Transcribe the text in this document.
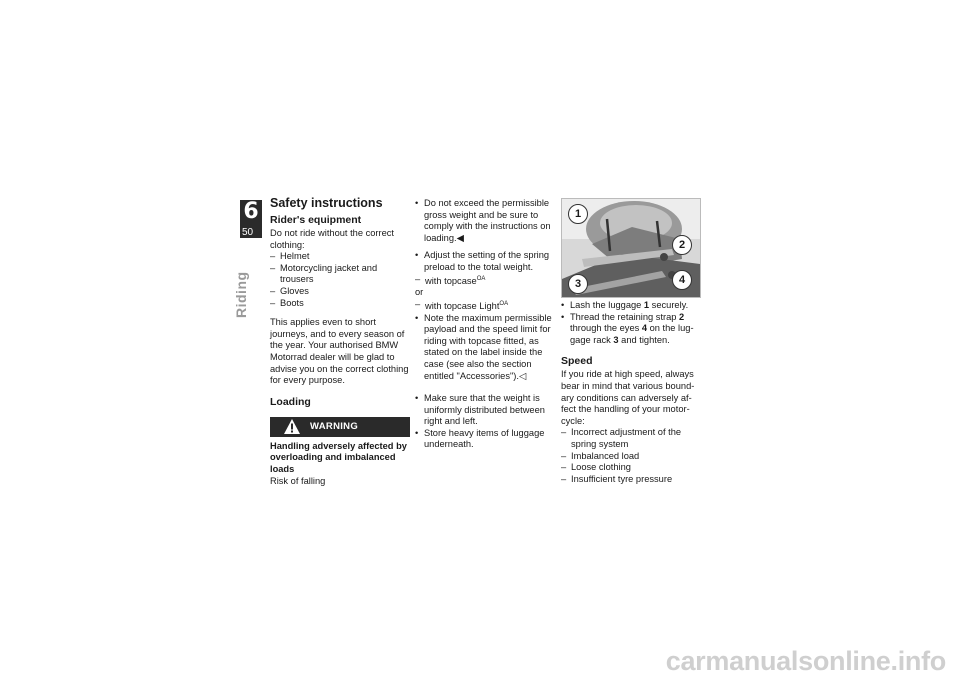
6
50
Riding
Safety instructions
Rider's equipment

Do not ride without the correct clothing:

– Helmet
– Motorcycling jacket and trousers
– Gloves
– Boots

This applies even to short journeys, and to every season of the year. Your authorised BMW Motorrad dealer will be glad to advise you on the correct clothing for every purpose.

Loading
WARNING

Handling adversely affected by overloading and imbalanced loads

Risk of falling

• Do not exceed the permissible gross weight and be sure to comply with the instructions on loading.◀
• Adjust the setting of the spring preload to the total weight.
– with topcase$^{OA}$

or

– with topcase Light$^{OA}$
• Note the maximum permissible payload and the speed limit for riding with topcase fitted, as stated on the label inside the case (see also the section entitled "Accessories").◁
• Make sure that the weight is uniformly distributed between right and left.
• Store heavy items of luggage underneath.
1
2
3	4
• Lash the luggage 1 securely.
• Thread the retaining strap 2 through the eyes 4 on the luggage rack 3 and tighten.
Speed

If you ride at high speed, always bear in mind that various boundary conditions can adversely affect the handling of your motorcycle:

– Incorrect adjustment of the spring system
– Imbalanced load
– Loose clothing
– Insufficient tyre pressure
carmanualsonline.info
